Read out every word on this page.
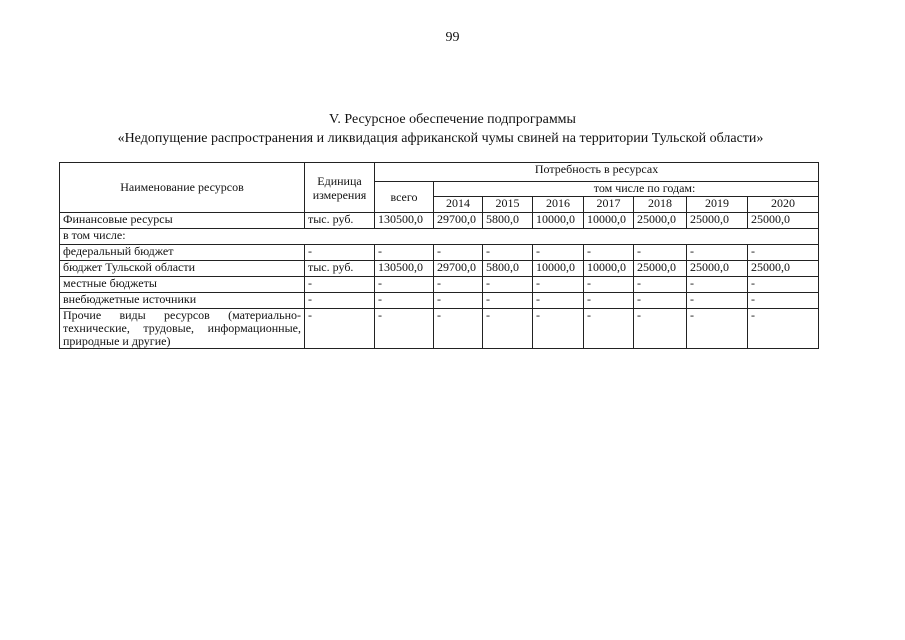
99
V. Ресурсное обеспечение подпрограммы
«Недопущение распространения и ликвидация африканской чумы свиней на территории Тульской области»
Наименование ресурсов	Единица измерения	Потребность в ресурсах							
		всего	том числе по годам:						
			2014	2015	2016	2017	2018	2019	2020
Финансовые ресурсы	тыс. руб.	130500,0	29700,0	5800,0	10000,0	10000,0	25000,0	25000,0	25000,0
в том числе:									
федеральный бюджет	-	-	-	-	-	-	-	-	-
бюджет Тульской области	тыс. руб.	130500,0	29700,0	5800,0	10000,0	10000,0	25000,0	25000,0	25000,0
местные бюджеты	-	-	-	-	-	-	-	-	-
внебюджетные источники	-	-	-	-	-	-	-	-	-
Прочие виды ресурсов (материально-технические, трудовые, информационные, природные и другие)	-	-	-	-	-	-	-	-	-
